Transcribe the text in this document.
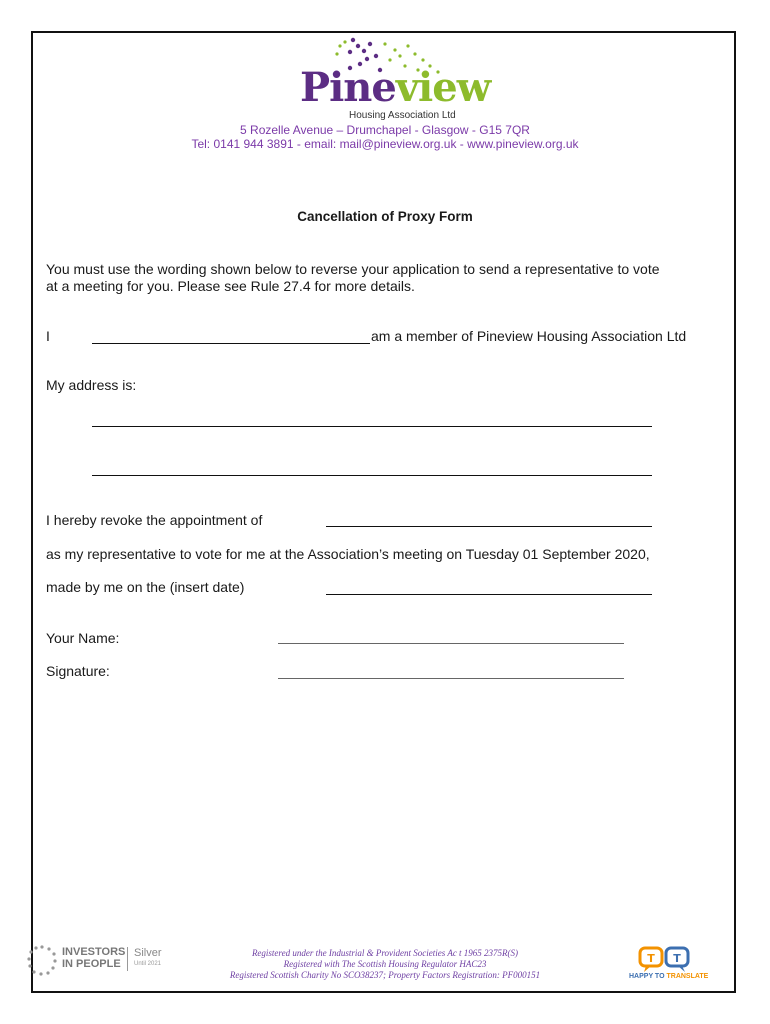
Pineview
Housing Association Ltd
5 Rozelle Avenue – Drumchapel - Glasgow - G15 7QR
Tel: 0141 944 3891 - email: mail@pineview.org.uk - www.pineview.org.uk
Cancellation of Proxy Form
You must use the wording shown below to reverse your application to send a representative to vote
at a meeting for you. Please see Rule 27.4 for more details.
I	am a member of Pineview Housing Association Ltd
My address is:
I hereby revoke the appointment of
as my representative to vote for me at the Association’s meeting on Tuesday 01 September 2020,
made by me on the (insert date)
Your Name:
Signature:
INVESTORS
IN PEOPLE
Silver
Until 2021
Registered under the Industrial & Provident Societies Ac t 1965 2375R(S)
Registered with The Scottish Housing Regulator HAC23
Registered Scottish Charity No SCO38237; Property Factors Registration: PF000151
T T
HAPPY TO TRANSLATE
